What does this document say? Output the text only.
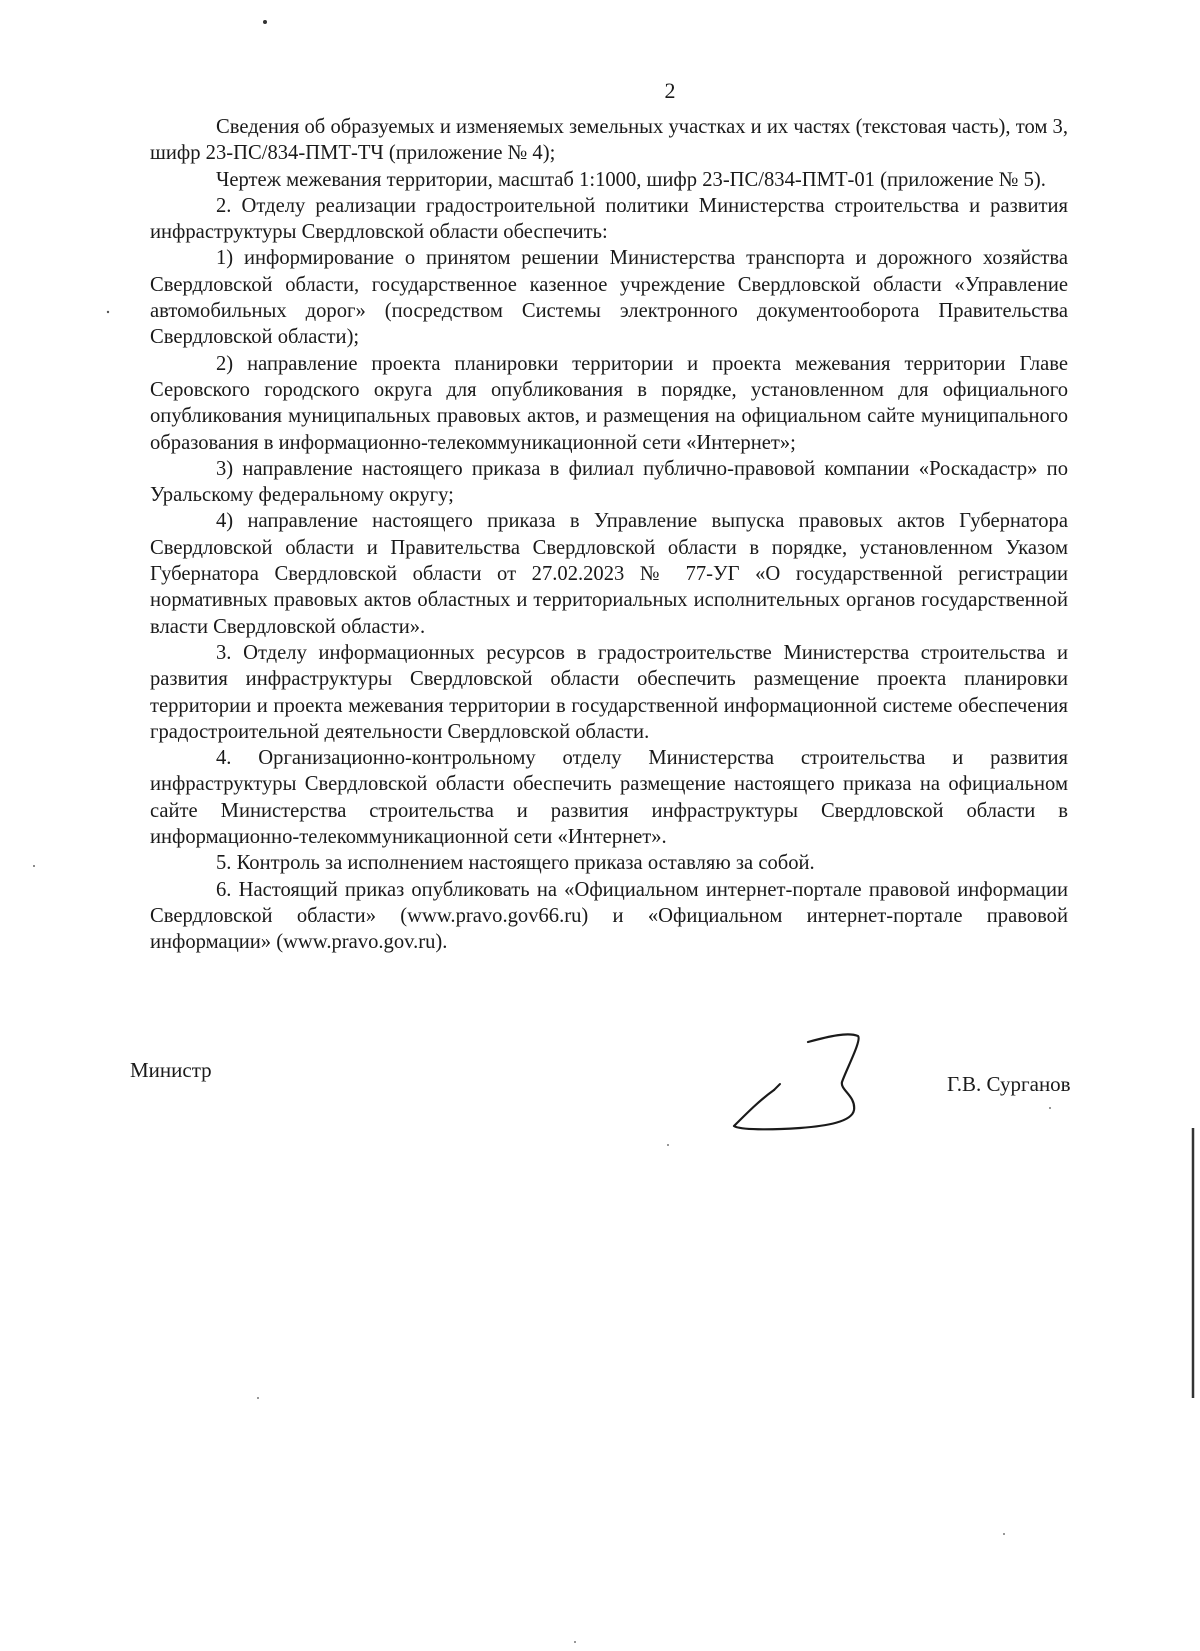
2

Сведения об образуемых и изменяемых земельных участках и их частях (текстовая часть), том 3, шифр 23-ПС/834-ПМТ-ТЧ (приложение № 4);

Чертеж межевания территории, масштаб 1:1000, шифр 23-ПС/834-ПМТ-01 (приложение № 5).

2. Отделу реализации градостроительной политики Министерства строительства и развития инфраструктуры Свердловской области обеспечить:

1) информирование о принятом решении Министерства транспорта и дорожного хозяйства Свердловской области, государственное казенное учреждение Свердловской области «Управление автомобильных дорог» (посредством Системы электронного документооборота Правительства Свердловской области);

2) направление проекта планировки территории и проекта межевания территории Главе Серовского городского округа для опубликования в порядке, установленном для официального опубликования муниципальных правовых актов, и размещения на официальном сайте муниципального образования в информационно-телекоммуникационной сети «Интернет»;

3) направление настоящего приказа в филиал публично-правовой компании «Роскадастр» по Уральскому федеральному округу;

4) направление настоящего приказа в Управление выпуска правовых актов Губернатора Свердловской области и Правительства Свердловской области в порядке, установленном Указом Губернатора Свердловской области от 27.02.2023 № 77-УГ «О государственной регистрации нормативных правовых актов областных и территориальных исполнительных органов государственной власти Свердловской области».

3. Отделу информационных ресурсов в градостроительстве Министерства строительства и развития инфраструктуры Свердловской области обеспечить размещение проекта планировки территории и проекта межевания территории в государственной информационной системе обеспечения градостроительной деятельности Свердловской области.

4. Организационно-контрольному отделу Министерства строительства и развития инфраструктуры Свердловской области обеспечить размещение настоящего приказа на официальном сайте Министерства строительства и развития инфраструктуры Свердловской области в информационно-телекоммуникационной сети «Интернет».

5. Контроль за исполнением настоящего приказа оставляю за собой.

6. Настоящий приказ опубликовать на «Официальном интернет-портале правовой информации Свердловской области» (www.pravo.gov66.ru) и «Официальном интернет-портале правовой информации» (www.pravo.gov.ru).

Министр
Г.В. Сурганов
